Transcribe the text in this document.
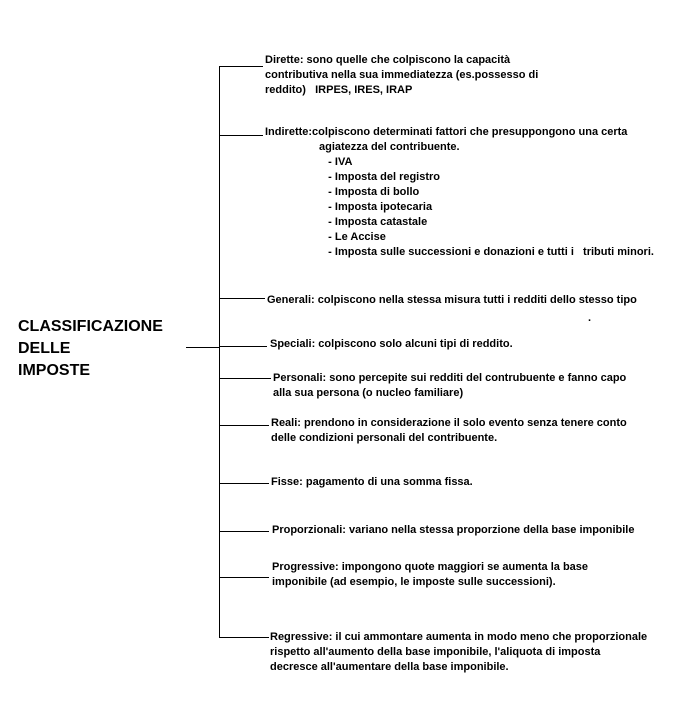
CLASSIFICAZIONE
DELLE
IMPOSTE
Dirette: sono quelle che colpiscono la capacità
contributiva nella sua immediatezza (es.possesso di
reddito)   IRPES, IRES, IRAP
Indirette:colpiscono determinati fattori che presuppongono una certa
agiatezza del contribuente.
- IVA
- Imposta del registro
- Imposta di bollo
- Imposta ipotecaria
- Imposta catastale
- Le Accise
- Imposta sulle successioni e donazioni e tutti i   tributi minori.
Generali: colpiscono nella stessa misura tutti i redditi dello stesso tipo
.
Speciali: colpiscono solo alcuni tipi di reddito.
Personali: sono percepite sui redditi del contrubuente e fanno capo
alla sua persona (o nucleo familiare)
Reali: prendono in considerazione il solo evento senza tenere conto
delle condizioni personali del contribuente.
Fisse: pagamento di una somma fissa.
Proporzionali: variano nella stessa proporzione della base imponibile
Progressive: impongono quote maggiori se aumenta la base
imponibile (ad esempio, le imposte sulle successioni).
Regressive: il cui ammontare aumenta in modo meno che proporzionale
rispetto all'aumento della base imponibile, l'aliquota di imposta
decresce all'aumentare della base imponibile.
